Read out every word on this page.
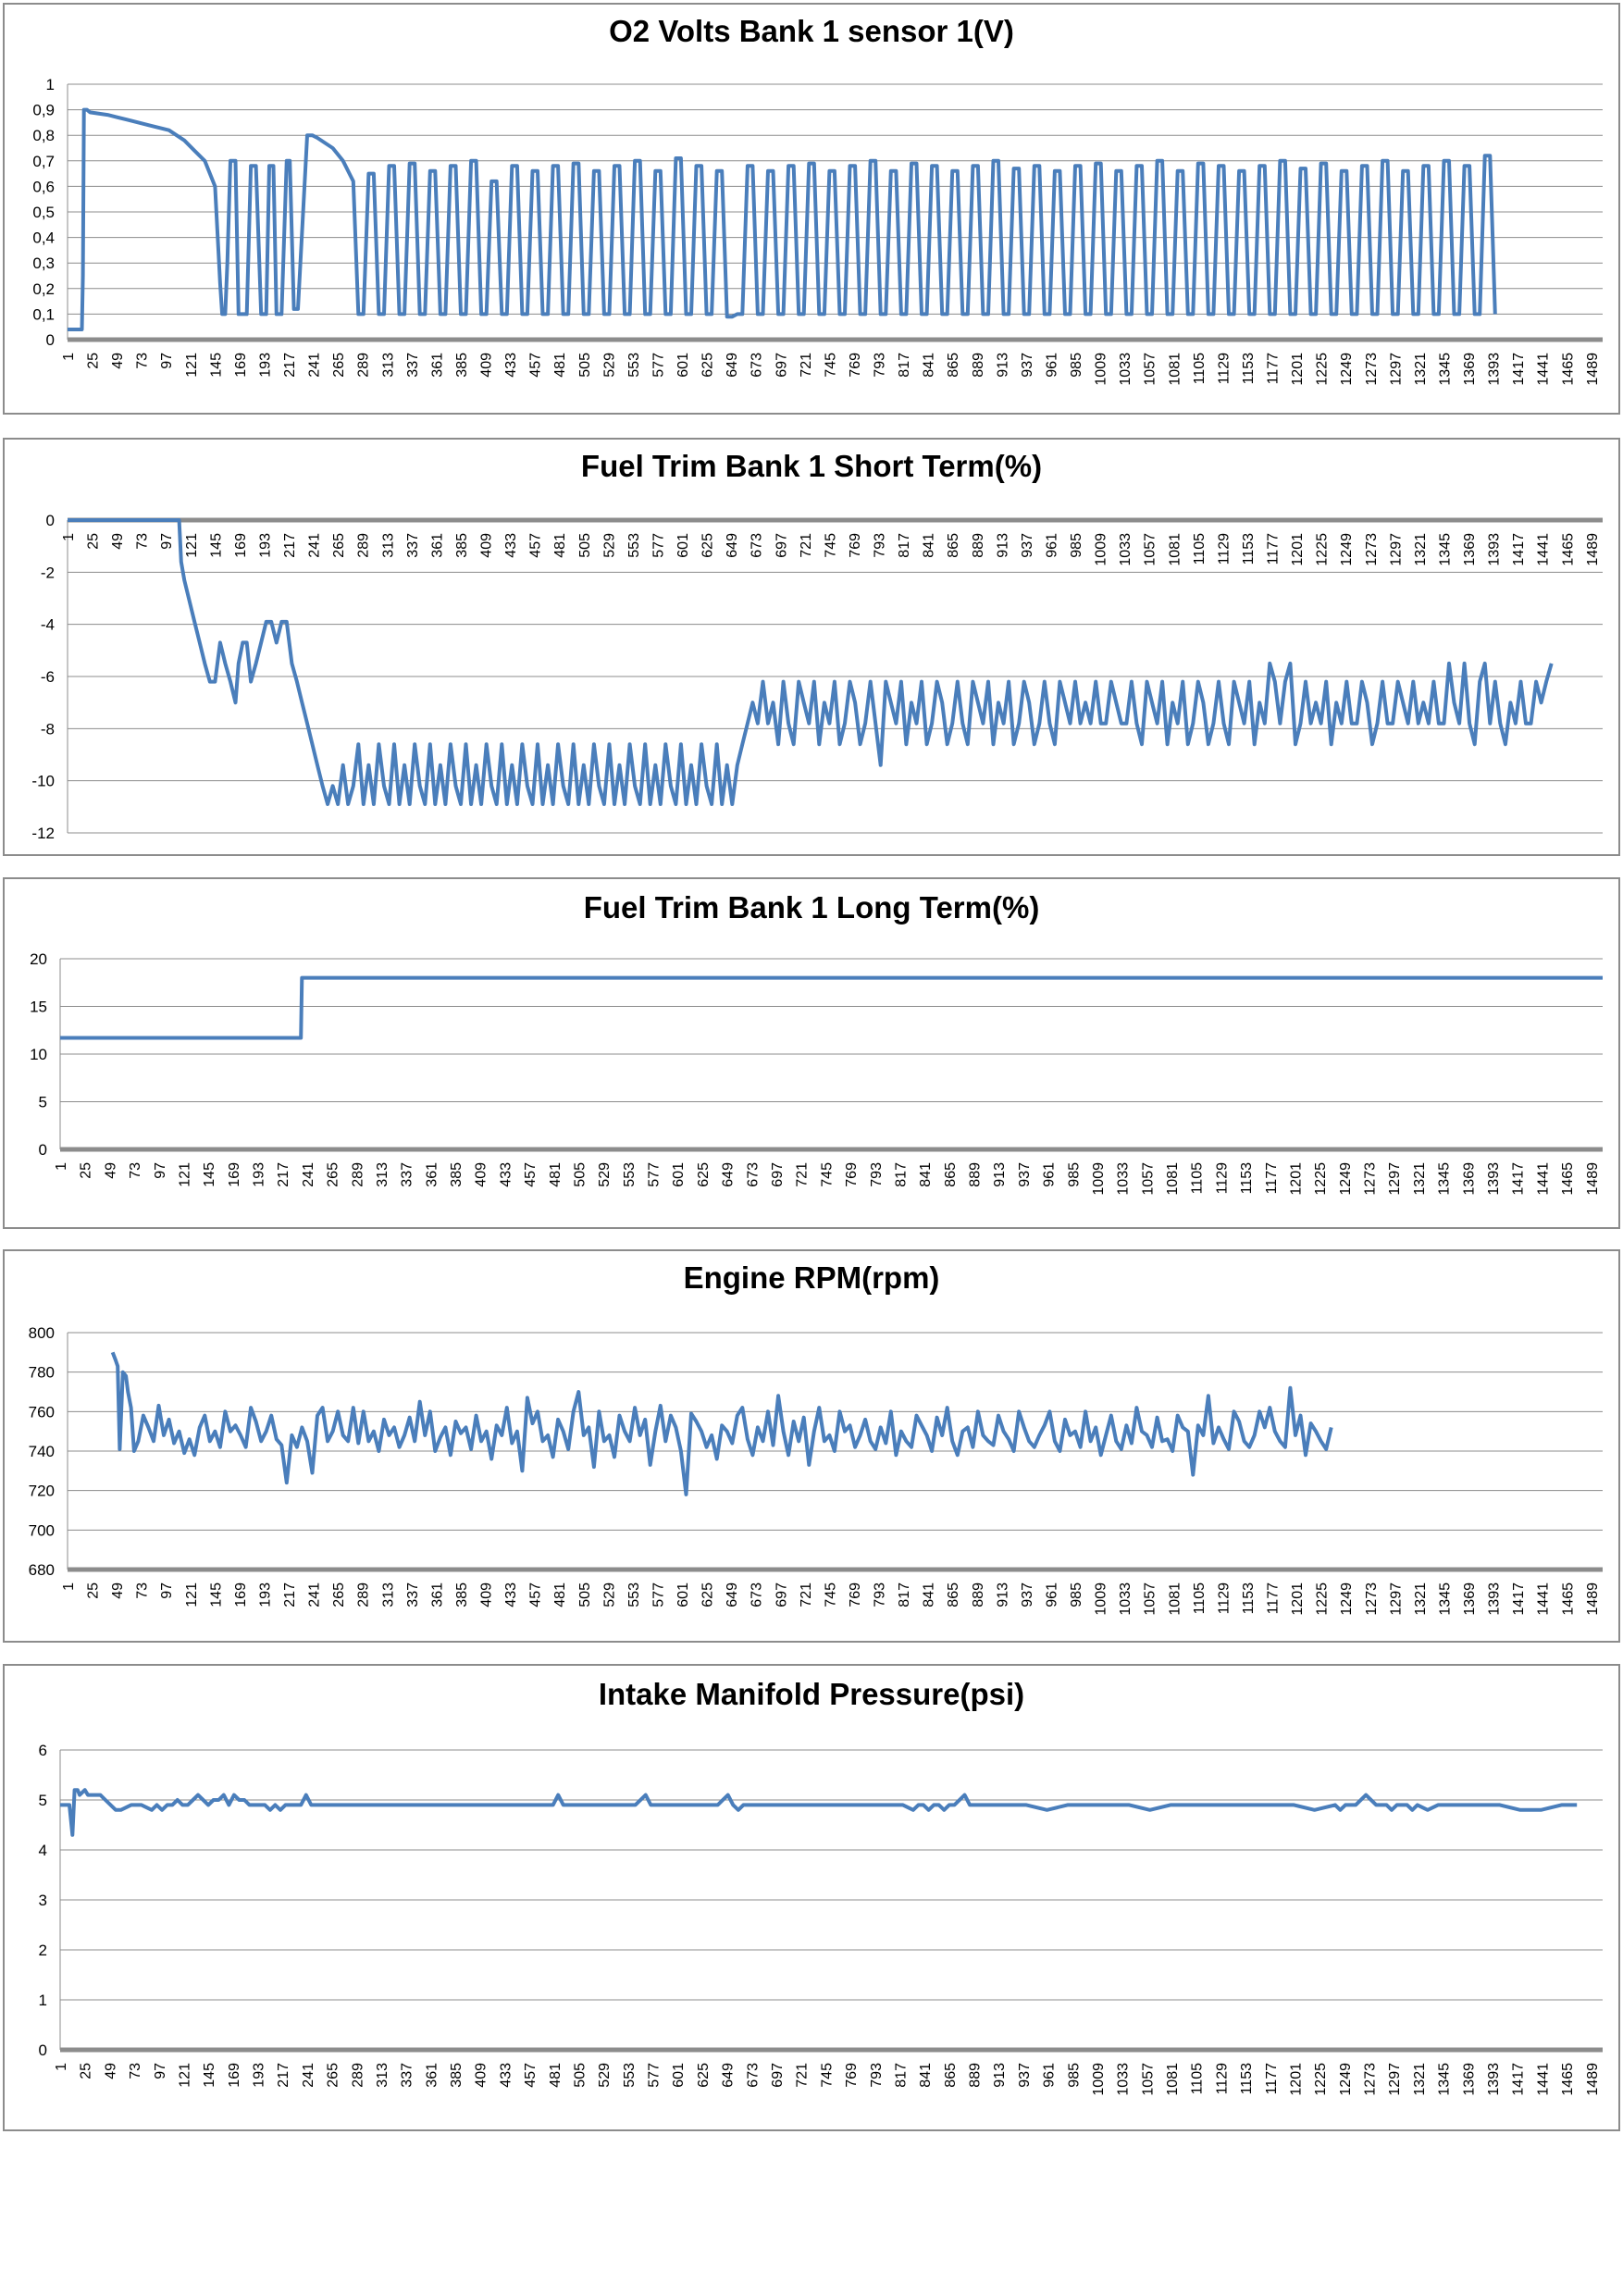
O2 Volts Bank 1 sensor 1(V)
0
0,1
0,2
0,3
0,4
0,5
0,6
0,7
0,8
0,9
1
1 25 49 73 97 121 145 169 193 217 241 265 289 313 337 361 385 409 433 457 481 505 529 553 577 601 625 649 673 697 721 745 769 793 817 841 865 889 913 937 961 985 1009 1033 1057 1081 1105 1129 1153 1177 1201 1225 1249 1273 1297 1321 1345 1369 1393 1417 1441 1465 1489
Fuel Trim Bank 1 Short Term(%)
-12
-10
-8
-6
-4
-2
0
1 25 49 73 97 121 145 169 193 217 241 265 289 313 337 361 385 409 433 457 481 505 529 553 577 601 625 649 673 697 721 745 769 793 817 841 865 889 913 937 961 985 1009 1033 1057 1081 1105 1129 1153 1177 1201 1225 1249 1273 1297 1321 1345 1369 1393 1417 1441 1465 1489
Fuel Trim Bank 1 Long Term(%)
0
5
10
15
20
1 25 49 73 97 121 145 169 193 217 241 265 289 313 337 361 385 409 433 457 481 505 529 553 577 601 625 649 673 697 721 745 769 793 817 841 865 889 913 937 961 985 1009 1033 1057 1081 1105 1129 1153 1177 1201 1225 1249 1273 1297 1321 1345 1369 1393 1417 1441 1465 1489
Engine RPM(rpm)
680
700
720
740
760
780
800
1 25 49 73 97 121 145 169 193 217 241 265 289 313 337 361 385 409 433 457 481 505 529 553 577 601 625 649 673 697 721 745 769 793 817 841 865 889 913 937 961 985 1009 1033 1057 1081 1105 1129 1153 1177 1201 1225 1249 1273 1297 1321 1345 1369 1393 1417 1441 1465 1489
Intake Manifold Pressure(psi)
0
1
2
3
4
5
6
1 25 49 73 97 121 145 169 193 217 241 265 289 313 337 361 385 409 433 457 481 505 529 553 577 601 625 649 673 697 721 745 769 793 817 841 865 889 913 937 961 985 1009 1033 1057 1081 1105 1129 1153 1177 1201 1225 1249 1273 1297 1321 1345 1369 1393 1417 1441 1465 1489
